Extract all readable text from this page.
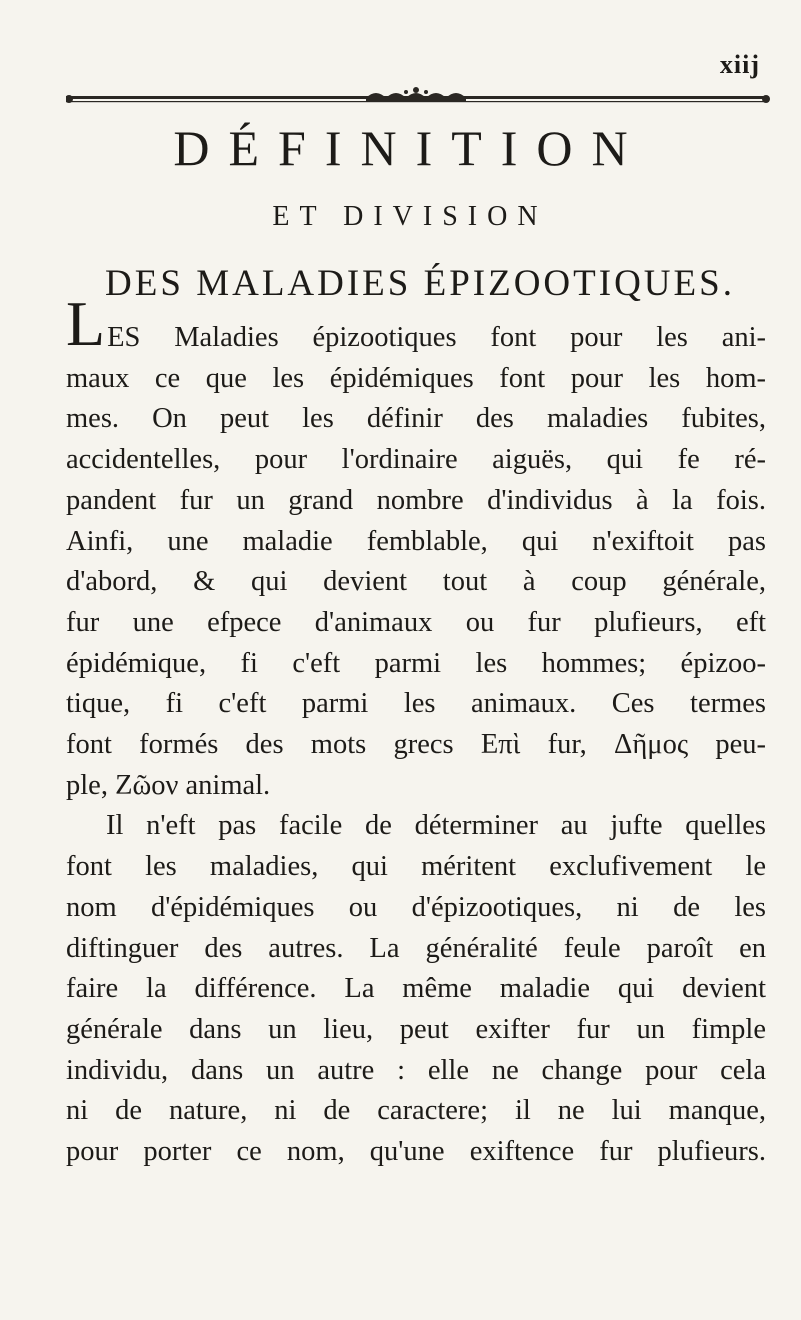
xiij
DÉFINITION
ET DIVISION
DES MALADIES ÉPIZOOTIQUES.

L ES Maladies épizootiques font pour les ani-
maux ce que les épidémiques font pour les hom-
mes. On peut les définir des maladies fubites,
accidentelles, pour l'ordinaire aiguës, qui fe ré-
pandent fur un grand nombre d'individus à la fois.
Ainfi, une maladie femblable, qui n'exiftoit pas
d'abord, & qui devient tout à coup générale,
fur une efpece d'animaux ou fur plufieurs, eft
épidémique, fi c'eft parmi les hommes; épizoo-
tique, fi c'eft parmi les animaux. Ces termes
font formés des mots grecs Επὶ fur, Δῆμος peu-
ple, Ζῶον animal.

Il n'eft pas facile de déterminer au jufte quelles
font les maladies, qui méritent exclufivement le
nom d'épidémiques ou d'épizootiques, ni de les
diftinguer des autres. La généralité feule paroît en
faire la différence. La même maladie qui devient
générale dans un lieu, peut exifter fur un fimple
individu, dans un autre : elle ne change pour cela
ni de nature, ni de caractere; il ne lui manque,
pour porter ce nom, qu'une exiftence fur plufieurs.
